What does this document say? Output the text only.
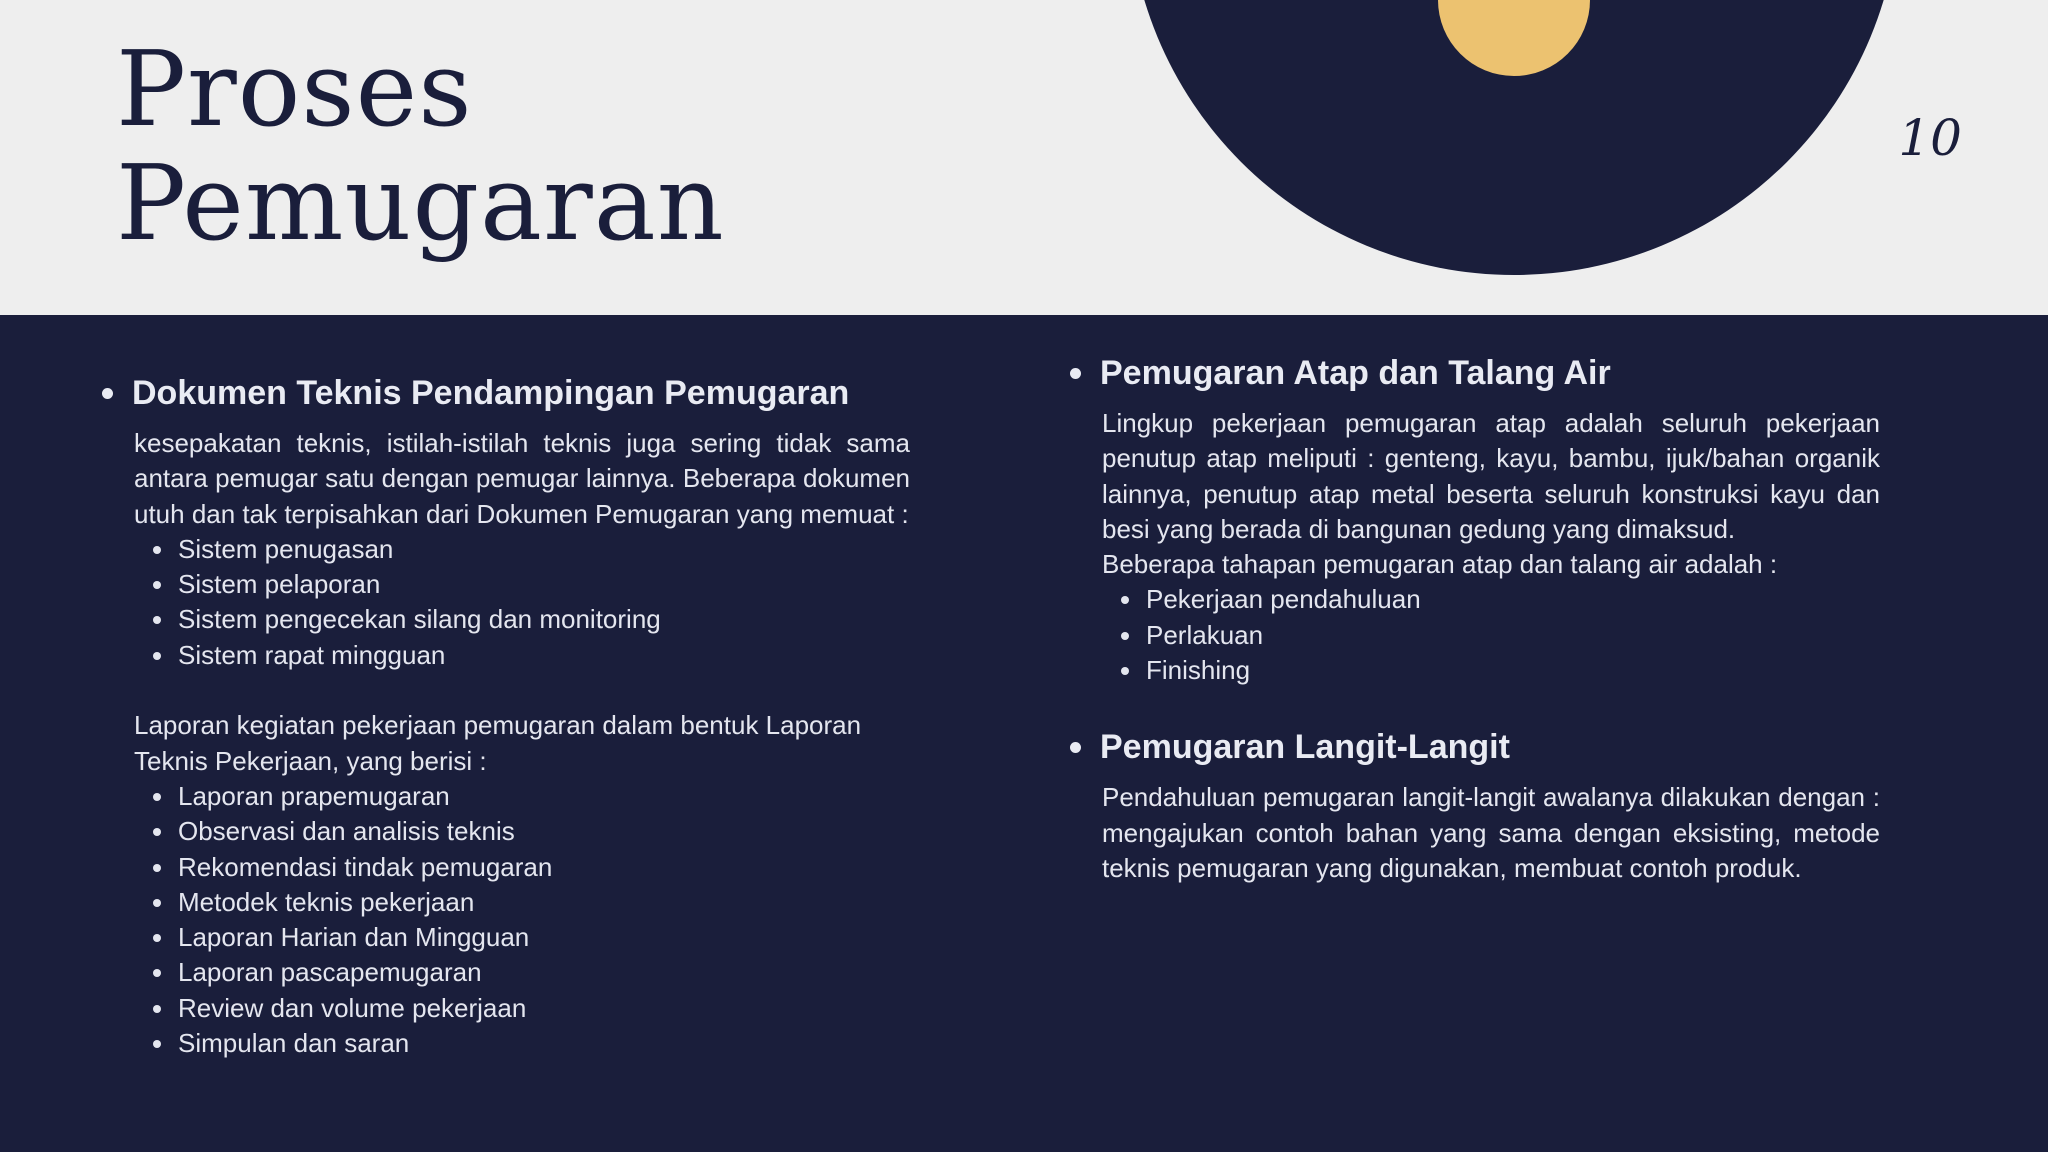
Proses
Pemugaran
10
Dokumen Teknis Pendampingan Pemugaran

kesepakatan teknis, istilah-istilah teknis juga sering tidak sama antara pemugar satu dengan pemugar lainnya. Beberapa dokumen utuh dan tak terpisahkan dari Dokumen Pemugaran yang memuat :

Sistem penugasan
Sistem pelaporan
Sistem pengecekan silang dan monitoring
Sistem rapat mingguan

Laporan kegiatan pekerjaan pemugaran dalam bentuk Laporan Teknis Pekerjaan, yang berisi :

Laporan prapemugaran
Observasi dan analisis teknis
Rekomendasi tindak pemugaran
Metodek teknis pekerjaan
Laporan Harian dan Mingguan
Laporan pascapemugaran
Review dan volume pekerjaan
Simpulan dan saran
Pemugaran Atap dan Talang Air

Lingkup pekerjaan pemugaran atap adalah seluruh pekerjaan penutup atap meliputi : genteng, kayu, bambu, ijuk/bahan organik lainnya, penutup atap metal beserta seluruh konstruksi kayu dan besi yang berada di bangunan gedung yang dimaksud.

Beberapa tahapan pemugaran atap dan talang air adalah :

Pekerjaan pendahuluan
Perlakuan
Finishing
Pemugaran Langit-Langit

Pendahuluan pemugaran langit-langit awalanya dilakukan dengan : mengajukan contoh bahan yang sama dengan eksisting, metode teknis pemugaran yang digunakan, membuat contoh produk.
